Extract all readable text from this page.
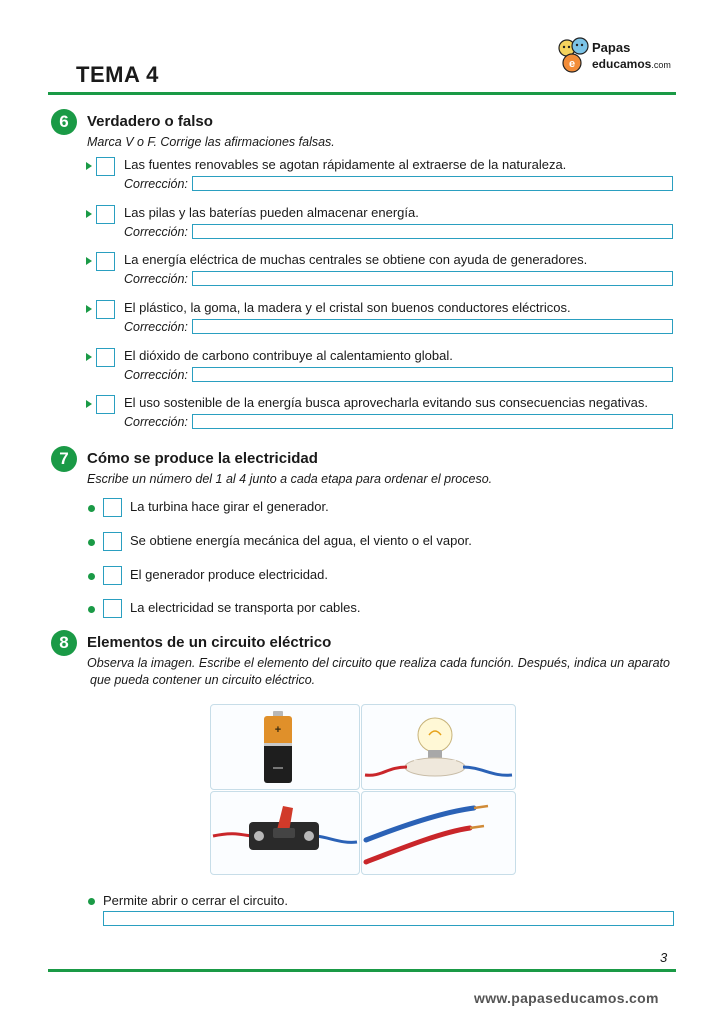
TEMA 4	e
Papas
educamos.com
6	Verdadero o falso
Marca V o F. Corrige las afirmaciones falsas.
Las fuentes renovables se agotan rápidamente al extraerse de la naturaleza.
Corrección:
Las pilas y las baterías pueden almacenar energía.
Corrección:
La energía eléctrica de muchas centrales se obtiene con ayuda de generadores.
Corrección:
El plástico, la goma, la madera y el cristal son buenos conductores eléctricos.
Corrección:
El dióxido de carbono contribuye al calentamiento global.
Corrección:
El uso sostenible de la energía busca aprovecharla evitando sus consecuencias negativas.
Corrección:
7	Cómo se produce la electricidad
Escribe un número del 1 al 4 junto a cada etapa para ordenar el proceso.
La turbina hace girar el generador.
Se obtiene energía mecánica del agua, el viento o el vapor.
El generador produce electricidad.
La electricidad se transporta por cables.
8	Elementos de un circuito eléctrico
Observa la imagen. Escribe el elemento del circuito que realiza cada función. Después, indica un aparato
que pueda contener un circuito eléctrico.
+
Permite abrir o cerrar el circuito.
3
www.papaseducamos.com
